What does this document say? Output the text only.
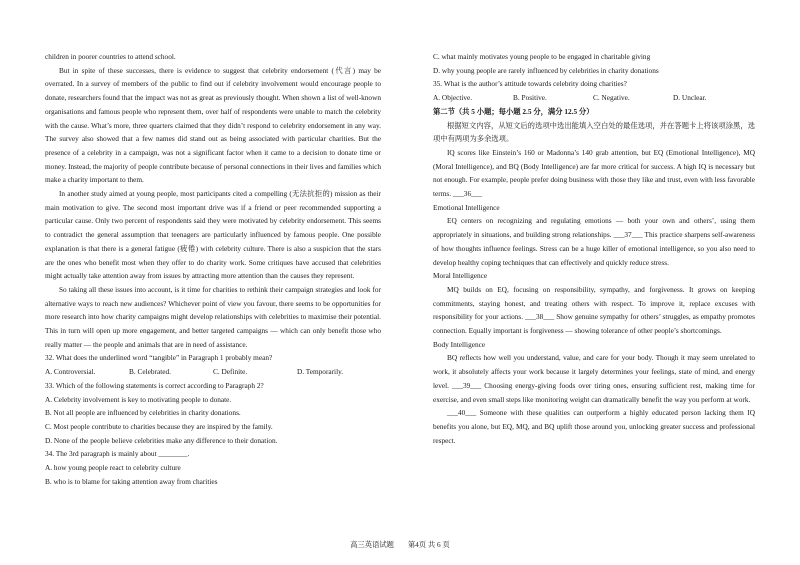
children in poorer countries to attend school.

But in spite of these successes, there is evidence to suggest that celebrity endorsement (代言) may be overrated. In a survey of members of the public to find out if celebrity involvement would encourage people to donate, researchers found that the impact was not as great as previously thought. When shown a list of well-known organisations and famous people who represent them, over half of respondents were unable to match the celebrity with the cause. What’s more, three quarters claimed that they didn’t respond to celebrity endorsement in any way. The survey also showed that a few names did stand out as being associated with particular charities. But the presence of a celebrity in a campaign, was not a significant factor when it came to a decision to donate time or money. Instead, the majority of people contribute because of personal connections in their lives and families which make a charity important to them.

In another study aimed at young people, most participants cited a compelling (无法抗拒的) mission as their main motivation to give. The second most important drive was if a friend or peer recommended supporting a particular cause. Only two percent of respondents said they were motivated by celebrity endorsement. This seems to contradict the general assumption that teenagers are particularly influenced by famous people. One possible explanation is that there is a general fatigue (疲倦) with celebrity culture. There is also a suspicion that the stars are the ones who benefit most when they offer to do charity work. Some critiques have accused that celebrities might actually take attention away from issues by attracting more attention than the causes they represent.

So taking all these issues into account, is it time for charities to rethink their campaign strategies and look for alternative ways to reach new audiences? Whichever point of view you favour, there seems to be opportunities for more research into how charity campaigns might develop relationships with celebrities to maximise their potential. This in turn will open up more engagement, and better targeted campaigns — which can only benefit those who really matter — the people and animals that are in need of assistance.

32. What does the underlined word “tangible” in Paragraph 1 probably mean?

A. Controversial.	B. Celebrated.	C. Definite.	D. Temporarily.

33. Which of the following statements is correct according to Paragraph 2?

A. Celebrity involvement is key to motivating people to donate.

B. Not all people are influenced by celebrities in charity donations.

C. Most people contribute to charities because they are inspired by the family.

D. None of the people believe celebrities make any difference to their donation.

34. The 3rd paragraph is mainly about ________.

A. how young people react to celebrity culture

B. who is to blame for taking attention away from charities

C. what mainly motivates young people to be engaged in charitable giving

D. why young people are rarely influenced by celebrities in charity donations

35. What is the author’s attitude towards celebrity doing charities?

A. Objective.	B. Positive.	C. Negative.	D. Unclear.

第二节（共 5 小题；每小题 2.5 分，满分 12.5 分）

根据短文内容，从短文后的选项中选出能填入空白处的最佳选项，并在答题卡上将该项涂黑，选项中有两项为多余选项。

IQ scores like Einstein’s 160 or Madonna’s 140 grab attention, but EQ (Emotional Intelligence), MQ (Moral Intelligence), and BQ (Body Intelligence) are far more critical for success. A high IQ is necessary but not enough. For example, people prefer doing business with those they like and trust, even with less favorable terms. ___36___

Emotional Intelligence

EQ centers on recognizing and regulating emotions — both your own and others’, using them appropriately in situations, and building strong relationships. ___37___ This practice sharpens self-awareness of how thoughts influence feelings. Stress can be a huge killer of emotional intelligence, so you also need to develop healthy coping techniques that can effectively and quickly reduce stress.

Moral Intelligence

MQ builds on EQ, focusing on responsibility, sympathy, and forgiveness. It grows on keeping commitments, staying honest, and treating others with respect. To improve it, replace excuses with responsibility for your actions. ___38___ Show genuine sympathy for others’ struggles, as empathy promotes connection. Equally important is forgiveness — showing tolerance of other people’s shortcomings.

Body Intelligence

BQ reflects how well you understand, value, and care for your body. Though it may seem unrelated to work, it absolutely affects your work because it largely determines your feelings, state of mind, and energy level. ___39___ Choosing energy-giving foods over tiring ones, ensuring sufficient rest, making time for exercise, and even small steps like monitoring weight can dramatically benefit the way you perform at work.

___40___ Someone with these qualities can outperform a highly educated person lacking them IQ benefits you alone, but EQ, MQ, and BQ uplift those around you, unlocking greater success and professional respect.

高三英语试题 第4页 共 6 页
